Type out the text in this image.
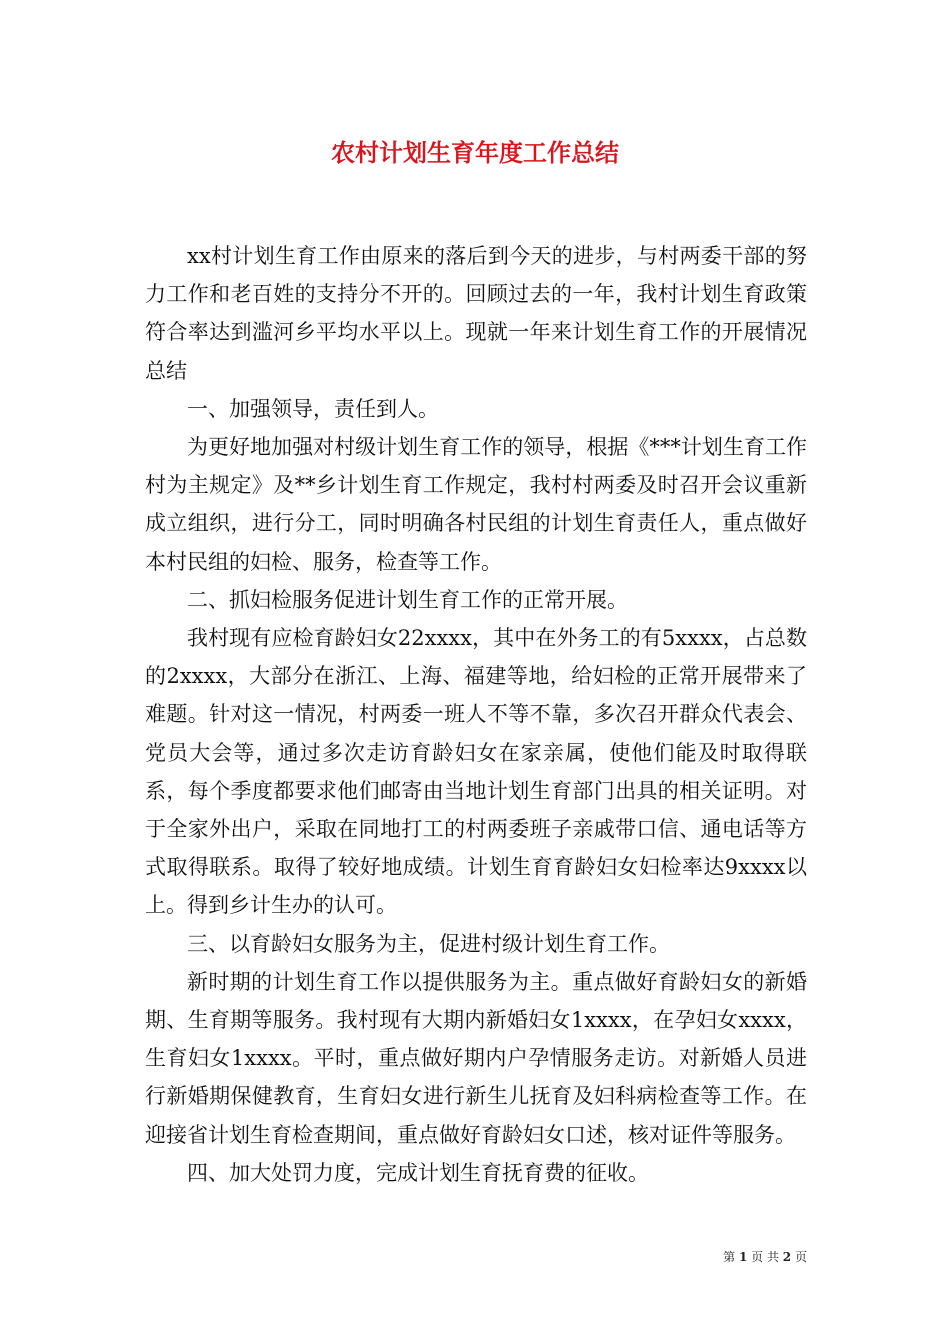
农村计划生育年度工作总结

xx村计划生育工作由原来的落后到今天的进步，与村两委干部的努力工作和老百姓的支持分不开的。回顾过去的一年，我村计划生育政策符合率达到滥河乡平均水平以上。现就一年来计划生育工作的开展情况总结

一、加强领导，责任到人。

为更好地加强对村级计划生育工作的领导，根据《***计划生育工作村为主规定》及**乡计划生育工作规定，我村村两委及时召开会议重新成立组织，进行分工，同时明确各村民组的计划生育责任人，重点做好本村民组的妇检、服务，检查等工作。

二、抓妇检服务促进计划生育工作的正常开展。

我村现有应检育龄妇女22xxxx，其中在外务工的有5xxxx，占总数的2xxxx，大部分在浙江、上海、福建等地，给妇检的正常开展带来了难题。针对这一情况，村两委一班人不等不靠，多次召开群众代表会、党员大会等，通过多次走访育龄妇女在家亲属，使他们能及时取得联系，每个季度都要求他们邮寄由当地计划生育部门出具的相关证明。对于全家外出户，采取在同地打工的村两委班子亲戚带口信、通电话等方式取得联系。取得了较好地成绩。计划生育育龄妇女妇检率达9xxxx以上。得到乡计生办的认可。

三、以育龄妇女服务为主，促进村级计划生育工作。

新时期的计划生育工作以提供服务为主。重点做好育龄妇女的新婚期、生育期等服务。我村现有大期内新婚妇女1xxxx，在孕妇女xxxx，生育妇女1xxxx。平时，重点做好期内户孕情服务走访。对新婚人员进行新婚期保健教育，生育妇女进行新生儿抚育及妇科病检查等工作。在迎接省计划生育检查期间，重点做好育龄妇女口述，核对证件等服务。

四、加大处罚力度，完成计划生育抚育费的征收。

第 1 页 共 2 页
